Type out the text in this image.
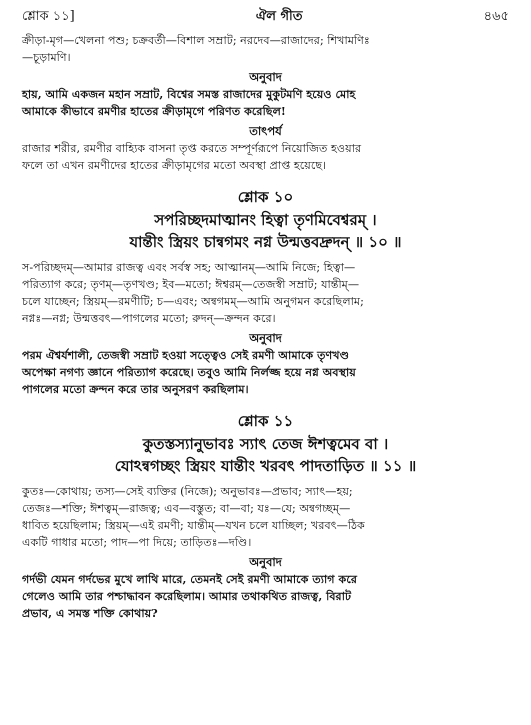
শ্লোক ১১]	ঐল গীত	৪৬৫

ক্রীড়া-মৃগ—খেলনা পশু; চক্রবর্তী—বিশাল সম্রাট; নরদেব—রাজাদের; শিখামণিঃ

—চূড়ামণি।

অনুবাদ

হায়, আমি একজন মহান সম্রাট, বিশ্বের সমস্ত রাজাদের মুকুটমণি হয়েও মোহ

আমাকে কীভাবে রমণীর হাতের ক্রীড়ামৃগে পরিণত করেছিল!

তাৎপর্য

রাজার শরীর, রমণীর বাহ্যিক বাসনা তৃপ্ত করতে সম্পূর্ণরূপে নিয়োজিত হওয়ার

ফলে তা এখন রমণীদের হাতের ক্রীড়ামৃগের মতো অবস্থা প্রাপ্ত হয়েছে।

শ্লোক ১০

সপরিচ্ছদমাত্মানং হিত্বা তৃণমিবেশ্বরম্ ।

যান্তীং স্ত্রিয়ং চান্বগমং নগ্ন উন্মত্তবদ্রুদন্ ॥ ১০ ॥

স-পরিচ্ছদম্—আমার রাজত্ব এবং সর্বস্ব সহ; আত্মানম্—আমি নিজে; হিত্বা—

পরিত্যাগ করে; তৃণম্—তৃণখণ্ড; ইব—মতো; ঈশ্বরম্—তেজস্বী সম্রাট; যান্তীম্—

চলে যাচ্ছেন; স্ত্রিয়ম্—রমণীটি; চ—এবং; অন্বগমম্—আমি অনুগমন করেছিলাম;

নগ্নঃ—নগ্ন; উন্মত্তবৎ—পাগলের মতো; রুদন্—ক্রন্দন করে।

অনুবাদ

পরম ঐশ্বর্যশালী, তেজস্বী সম্রাট হওয়া সত্ত্বেও সেই রমণী আমাকে তৃণখণ্ড

অপেক্ষা নগণ্য জ্ঞানে পরিত্যাগ করেছে। তবুও আমি নির্লজ্জ হয়ে নগ্ন অবস্থায়

পাগলের মতো ক্রন্দন করে তার অনুসরণ করছিলাম।

শ্লোক ১১

কুতস্তস্যানুভাবঃ স্যাৎ তেজ ঈশত্বমেব বা ।

যোঽন্বগচ্ছং স্ত্রিয়ং যান্তীং খরবৎ পাদতাড়িত ॥ ১১ ॥

কুতঃ—কোথায়; তস্য—সেই ব্যক্তির (নিজে); অনুভাবঃ—প্রভাব; স্যাৎ—হয়;

তেজঃ—শক্তি; ঈশত্বম্—রাজত্ব; এব—বস্তুত; বা—বা; যঃ—যে; অন্বগচ্ছম্—

ধাবিত হয়েছিলাম; স্ত্রিয়ম্—এই রমণী; যান্তীম্—যখন চলে যাচ্ছিল; খরবৎ—ঠিক

একটি গাধার মতো; পাদ—পা দিয়ে; তাড়িতঃ—দণ্ডি।

অনুবাদ

গর্দভী যেমন গর্দভের মুখে লাথি মারে, তেমনই সেই রমণী আমাকে ত্যাগ করে

গেলেও আমি তার পশ্চাদ্ধাবন করেছিলাম। আমার তথাকথিত রাজত্ব, বিরাট

প্রভাব, এ সমস্ত শক্তি কোথায়?
